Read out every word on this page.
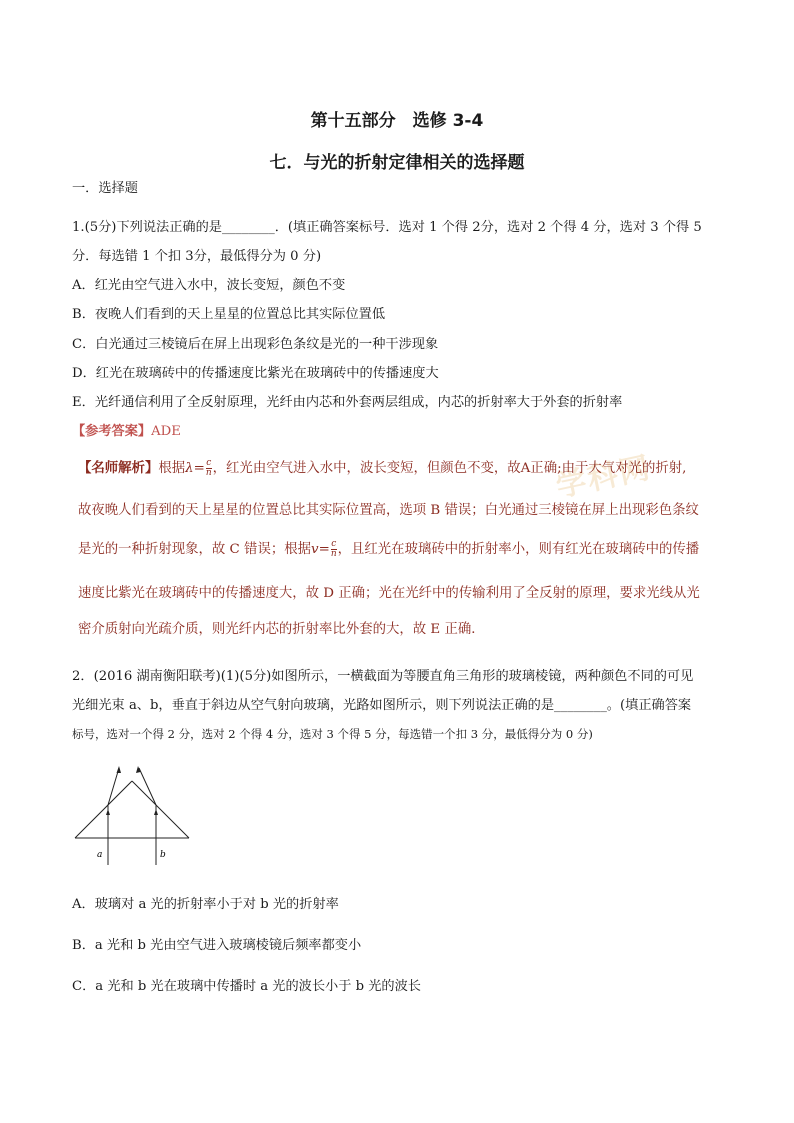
第十五部分　选修 3-4
七．与光的折射定律相关的选择题
一．选择题
1.(5分)下列说法正确的是________．(填正确答案标号．选对 1 个得 2分，选对 2 个得 4 分，选对 3 个得 5
分．每选错 1 个扣 3分，最低得分为 0 分)
A．红光由空气进入水中，波长变短，颜色不变
B．夜晚人们看到的天上星星的位置总比其实际位置低
C．白光通过三棱镜后在屏上出现彩色条纹是光的一种干涉现象
D．红光在玻璃砖中的传播速度比紫光在玻璃砖中的传播速度大
E．光纤通信利用了全反射原理，光纤由内芯和外套两层组成，内芯的折射率大于外套的折射率
【参考答案】ADE
学科网
【名师解析】根据$\lambda= \frac{c}{n}$ ，红光由空气进入水中，波长变短，但颜色不变，故A正确;由于大气对光的折射,
故夜晚人们看到的天上星星的位置总比其实际位置高，选项 B 错误；白光通过三棱镜在屏上出现彩色条纹
是光的一种折射现象，故 C 错误；根据$v= \frac{c}{n}$ ，且红光在玻璃砖中的折射率小，则有红光在玻璃砖中的传播
速度比紫光在玻璃砖中的传播速度大，故 D 正确；光在光纤中的传输利用了全反射的原理，要求光线从光
密介质射向光疏介质，则光纤内芯的折射率比外套的大，故 E 正确．
2．(2016 湖南衡阳联考)(1)(5分)如图所示，一横截面为等腰直角三角形的玻璃棱镜，两种颜色不同的可见
光细光束 a、b，垂直于斜边从空气射向玻璃，光路如图所示，则下列说法正确的是________。(填正确答案
标号，选对一个得 2 分，选对 2 个得 4 分，选对 3 个得 5 分，每选错一个扣 3 分，最低得分为 0 分)
a	b
A．玻璃对 a 光的折射率小于对 b 光的折射率
B．a 光和 b 光由空气进入玻璃棱镜后频率都变小
C．a 光和 b 光在玻璃中传播时 a 光的波长小于 b 光的波长
